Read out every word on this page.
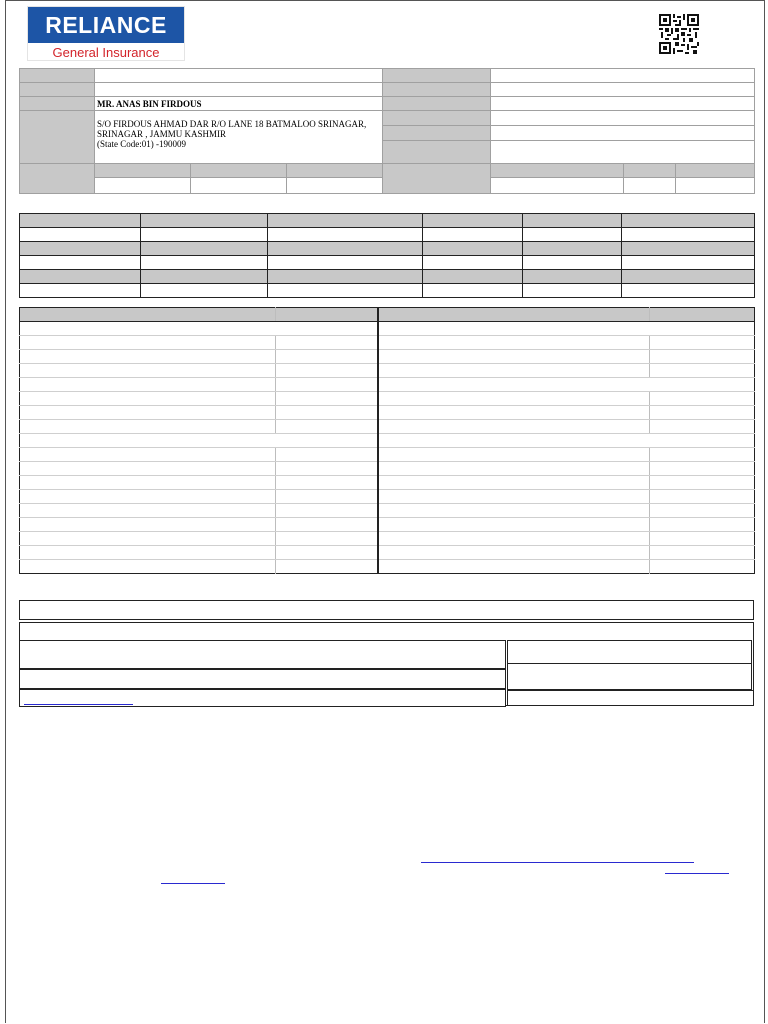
RELIANCE
General Insurance

	MR. ANAS BIN FIRDOUS						

	S/O FIRDOUS AHMAD DAR R/O LANE 18 BATMALOO SRINAGAR,
SRINAGAR , JAMMU KASHMIR
(State Code:01) -190009						
